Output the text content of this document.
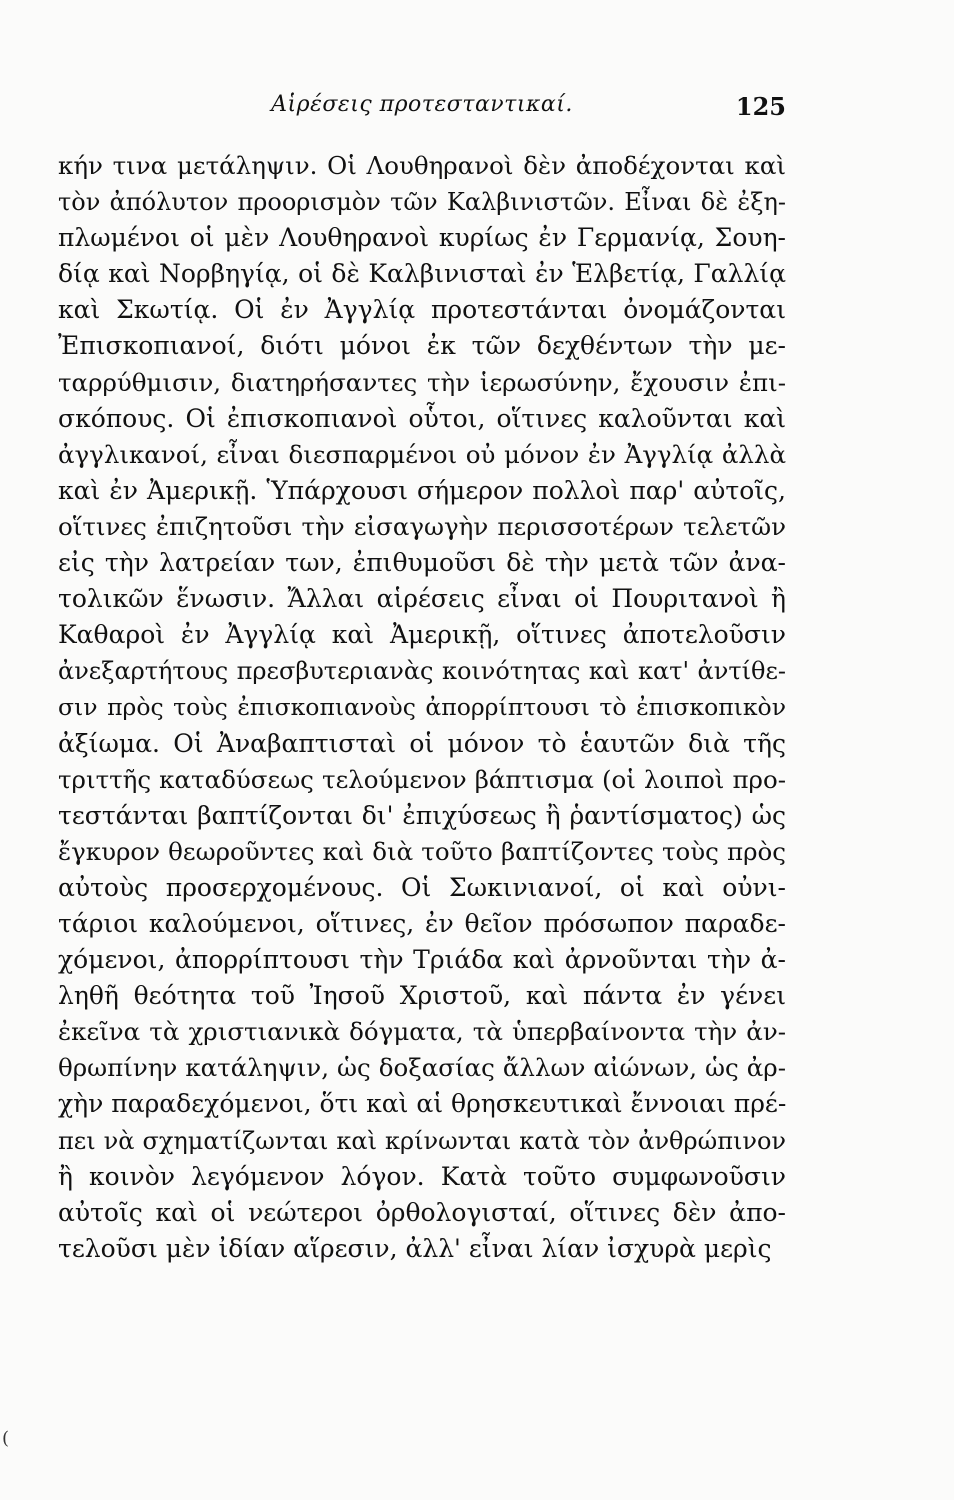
Αἱρέσεις προτεσταντικαί.	125
κήν τινα μετάληψιν. Οἱ Λουθηρανοὶ δὲν ἀποδέχονται καὶ
τὸν ἀπόλυτον προορισμὸν τῶν Καλβινιστῶν. Εἶναι δὲ ἐξη-
πλωμένοι οἱ μὲν Λουθηρανοὶ κυρίως ἐν Γερμανίᾳ, Σουη-
δίᾳ καὶ Νορβηγίᾳ, οἱ δὲ Καλβινισταὶ ἐν Ἑλβετίᾳ, Γαλλίᾳ
καὶ Σκωτίᾳ. Οἱ ἐν Ἀγγλίᾳ προτεστάνται ὀνομάζονται
Ἐπισκοπιανοί, διότι μόνοι ἐκ τῶν δεχθέντων τὴν με-
ταρρύθμισιν, διατηρήσαντες τὴν ἱερωσύνην, ἔχουσιν ἐπι-
σκόπους. Οἱ ἐπισκοπιανοὶ οὗτοι, οἵτινες καλοῦνται καὶ
ἀγγλικανοί, εἶναι διεσπαρμένοι οὐ μόνον ἐν Ἀγγλίᾳ ἀλλὰ
καὶ ἐν Ἀμερικῇ. Ὑπάρχουσι σήμερον πολλοὶ παρ' αὐτοῖς,
οἵτινες ἐπιζητοῦσι τὴν εἰσαγωγὴν περισσοτέρων τελετῶν
εἰς τὴν λατρείαν των, ἐπιθυμοῦσι δὲ τὴν μετὰ τῶν ἀνα-
τολικῶν ἕνωσιν. Ἄλλαι αἱρέσεις εἶναι οἱ Πουριτανοὶ ἢ
Καθαροὶ ἐν Ἀγγλίᾳ καὶ Ἀμερικῇ, οἵτινες ἀποτελοῦσιν
ἀνεξαρτήτους πρεσβυτεριανὰς κοινότητας καὶ κατ' ἀντίθε-
σιν πρὸς τοὺς ἐπισκοπιανοὺς ἀπορρίπτουσι τὸ ἐπισκοπικὸν
ἀξίωμα. Οἱ Ἀναβαπτισταὶ οἱ μόνον τὸ ἑαυτῶν διὰ τῆς
τριττῆς καταδύσεως τελούμενον βάπτισμα (οἱ λοιποὶ προ-
τεστάνται βαπτίζονται δι' ἐπιχύσεως ἢ ῥαντίσματος) ὡς
ἔγκυρον θεωροῦντες καὶ διὰ τοῦτο βαπτίζοντες τοὺς πρὸς
αὐτοὺς προσερχομένους. Οἱ Σωκινιανοί, οἱ καὶ οὐνι-
τάριοι καλούμενοι, οἵτινες, ἐν θεῖον πρόσωπον παραδε-
χόμενοι, ἀπορρίπτουσι τὴν Τριάδα καὶ ἀρνοῦνται τὴν ἀ-
ληθῆ θεότητα τοῦ Ἰησοῦ Χριστοῦ, καὶ πάντα ἐν γένει
ἐκεῖνα τὰ χριστιανικὰ δόγματα, τὰ ὑπερβαίνοντα τὴν ἀν-
θρωπίνην κατάληψιν, ὡς δοξασίας ἄλλων αἰώνων, ὡς ἀρ-
χὴν παραδεχόμενοι, ὅτι καὶ αἱ θρησκευτικαὶ ἔννοιαι πρέ-
πει νὰ σχηματίζωνται καὶ κρίνωνται κατὰ τὸν ἀνθρώπινον
ἢ κοινὸν λεγόμενον λόγον. Κατὰ τοῦτο συμφωνοῦσιν
αὐτοῖς καὶ οἱ νεώτεροι ὀρθολογισταί, οἵτινες δὲν ἀπο-
τελοῦσι μὲν ἰδίαν αἵρεσιν, ἀλλ' εἶναι λίαν ἰσχυρὰ μερὶς
(
